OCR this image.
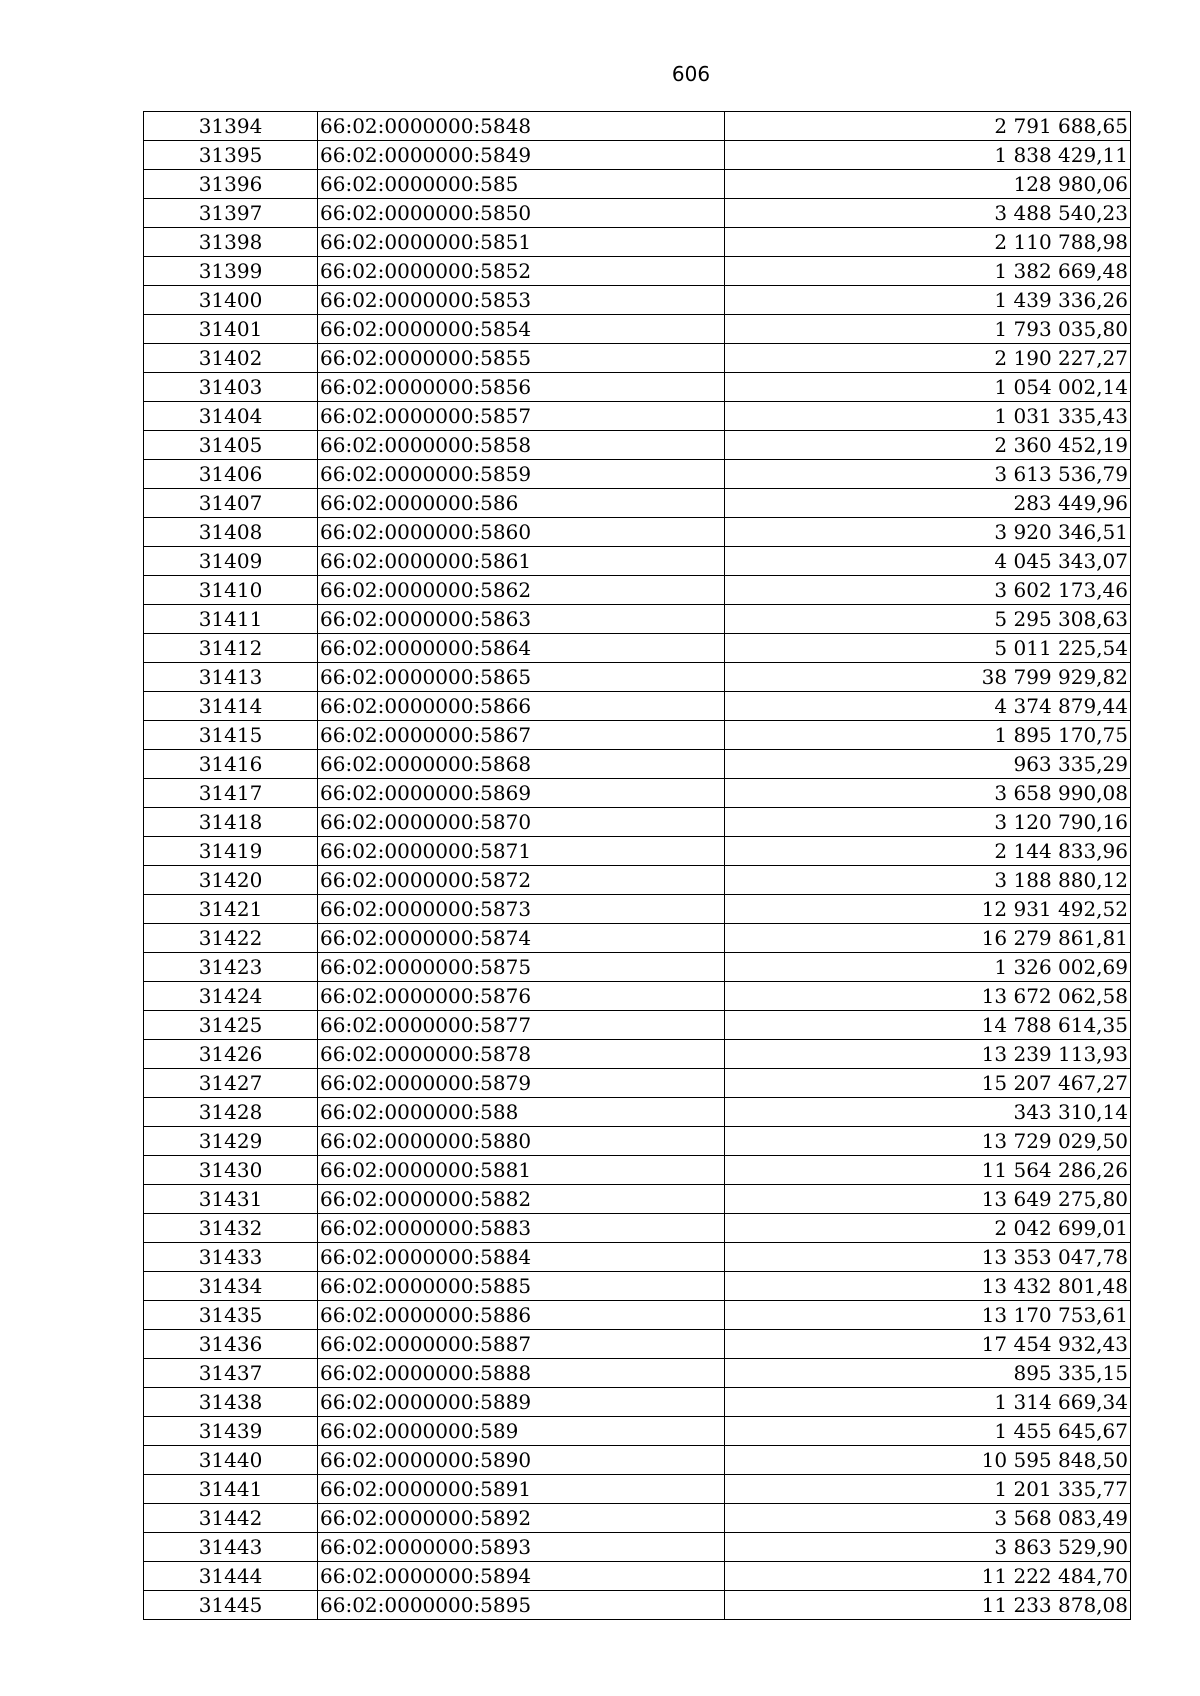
606
31394	66:02:0000000:5848	2 791 688,65
31395	66:02:0000000:5849	1 838 429,11
31396	66:02:0000000:585	128 980,06
31397	66:02:0000000:5850	3 488 540,23
31398	66:02:0000000:5851	2 110 788,98
31399	66:02:0000000:5852	1 382 669,48
31400	66:02:0000000:5853	1 439 336,26
31401	66:02:0000000:5854	1 793 035,80
31402	66:02:0000000:5855	2 190 227,27
31403	66:02:0000000:5856	1 054 002,14
31404	66:02:0000000:5857	1 031 335,43
31405	66:02:0000000:5858	2 360 452,19
31406	66:02:0000000:5859	3 613 536,79
31407	66:02:0000000:586	283 449,96
31408	66:02:0000000:5860	3 920 346,51
31409	66:02:0000000:5861	4 045 343,07
31410	66:02:0000000:5862	3 602 173,46
31411	66:02:0000000:5863	5 295 308,63
31412	66:02:0000000:5864	5 011 225,54
31413	66:02:0000000:5865	38 799 929,82
31414	66:02:0000000:5866	4 374 879,44
31415	66:02:0000000:5867	1 895 170,75
31416	66:02:0000000:5868	963 335,29
31417	66:02:0000000:5869	3 658 990,08
31418	66:02:0000000:5870	3 120 790,16
31419	66:02:0000000:5871	2 144 833,96
31420	66:02:0000000:5872	3 188 880,12
31421	66:02:0000000:5873	12 931 492,52
31422	66:02:0000000:5874	16 279 861,81
31423	66:02:0000000:5875	1 326 002,69
31424	66:02:0000000:5876	13 672 062,58
31425	66:02:0000000:5877	14 788 614,35
31426	66:02:0000000:5878	13 239 113,93
31427	66:02:0000000:5879	15 207 467,27
31428	66:02:0000000:588	343 310,14
31429	66:02:0000000:5880	13 729 029,50
31430	66:02:0000000:5881	11 564 286,26
31431	66:02:0000000:5882	13 649 275,80
31432	66:02:0000000:5883	2 042 699,01
31433	66:02:0000000:5884	13 353 047,78
31434	66:02:0000000:5885	13 432 801,48
31435	66:02:0000000:5886	13 170 753,61
31436	66:02:0000000:5887	17 454 932,43
31437	66:02:0000000:5888	895 335,15
31438	66:02:0000000:5889	1 314 669,34
31439	66:02:0000000:589	1 455 645,67
31440	66:02:0000000:5890	10 595 848,50
31441	66:02:0000000:5891	1 201 335,77
31442	66:02:0000000:5892	3 568 083,49
31443	66:02:0000000:5893	3 863 529,90
31444	66:02:0000000:5894	11 222 484,70
31445	66:02:0000000:5895	11 233 878,08
